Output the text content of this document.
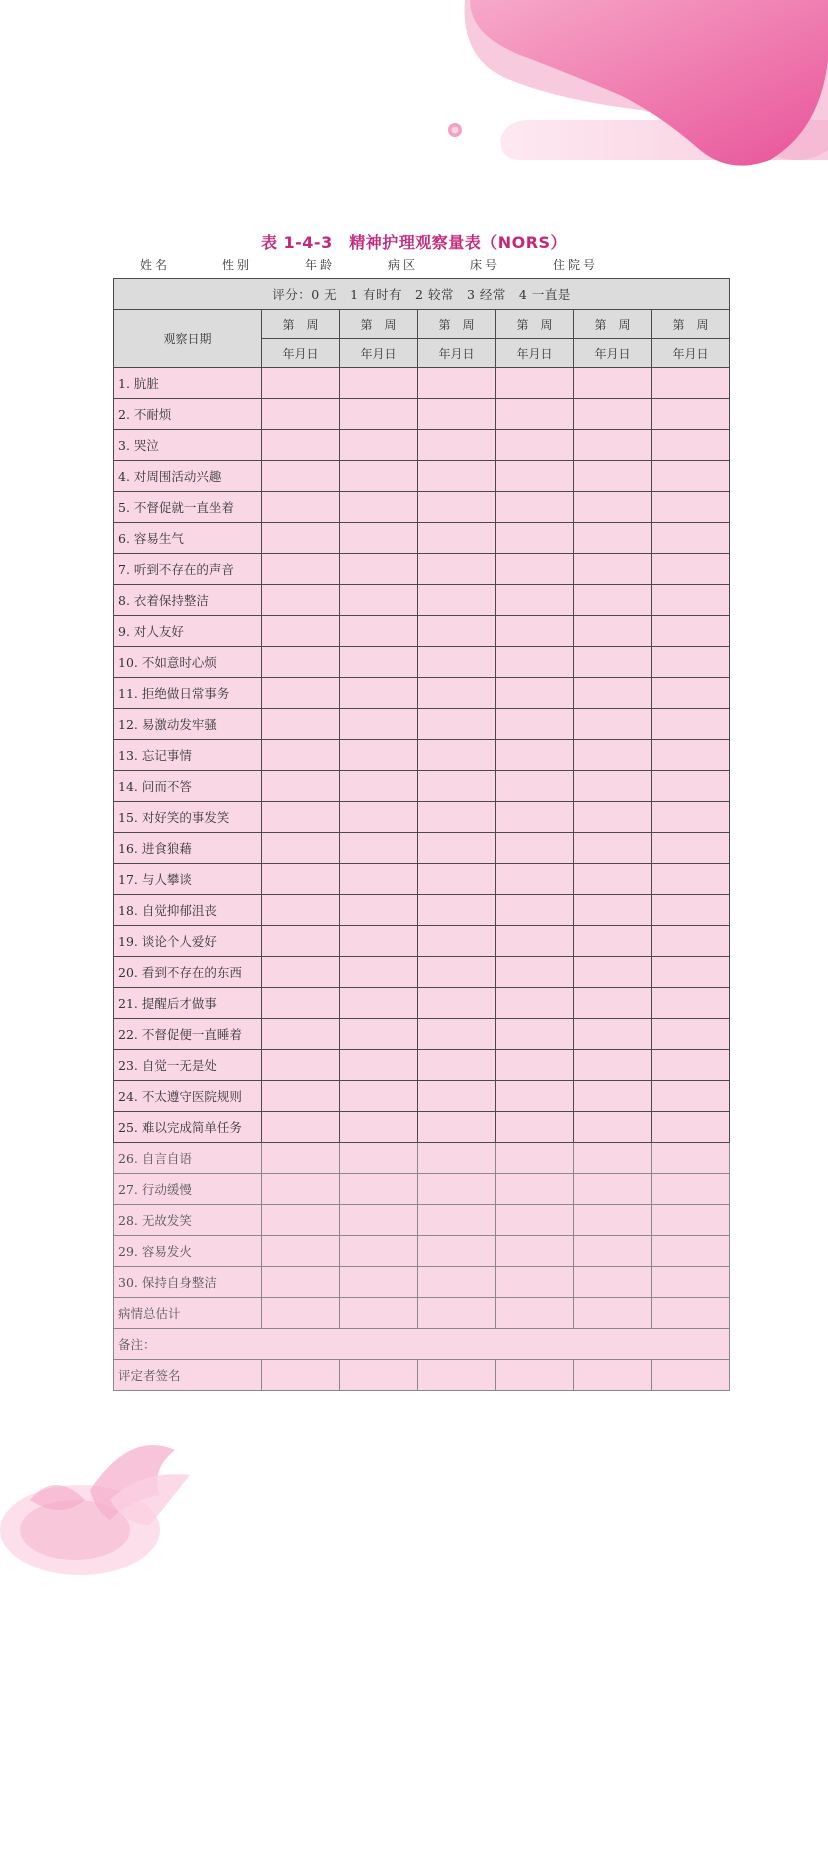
表 1-4-3　精神护理观察量表（NORS）
姓名	性别	年龄	病区	床号	住院号
评分：0 无　1 有时有　2 较常　3 经常　4 一直是						
观察日期	第　周	第　周	第　周	第　周	第　周	第　周
	年月日	年月日	年月日	年月日	年月日	年月日
1. 肮脏						
2. 不耐烦						
3. 哭泣						
4. 对周围活动兴趣						
5. 不督促就一直坐着						
6. 容易生气						
7. 听到不存在的声音						
8. 衣着保持整洁						
9. 对人友好						
10. 不如意时心烦						
11. 拒绝做日常事务						
12. 易激动发牢骚						
13. 忘记事情						
14. 问而不答						
15. 对好笑的事发笑						
16. 进食狼藉						
17. 与人攀谈						
18. 自觉抑郁沮丧						
19. 谈论个人爱好						
20. 看到不存在的东西						
21. 提醒后才做事						
22. 不督促便一直睡着						
23. 自觉一无是处						
24. 不太遵守医院规则						
25. 难以完成简单任务						
26. 自言自语						
27. 行动缓慢						
28. 无故发笑						
29. 容易发火						
30. 保持自身整洁						
病情总估计						
备注：						
评定者签名						
